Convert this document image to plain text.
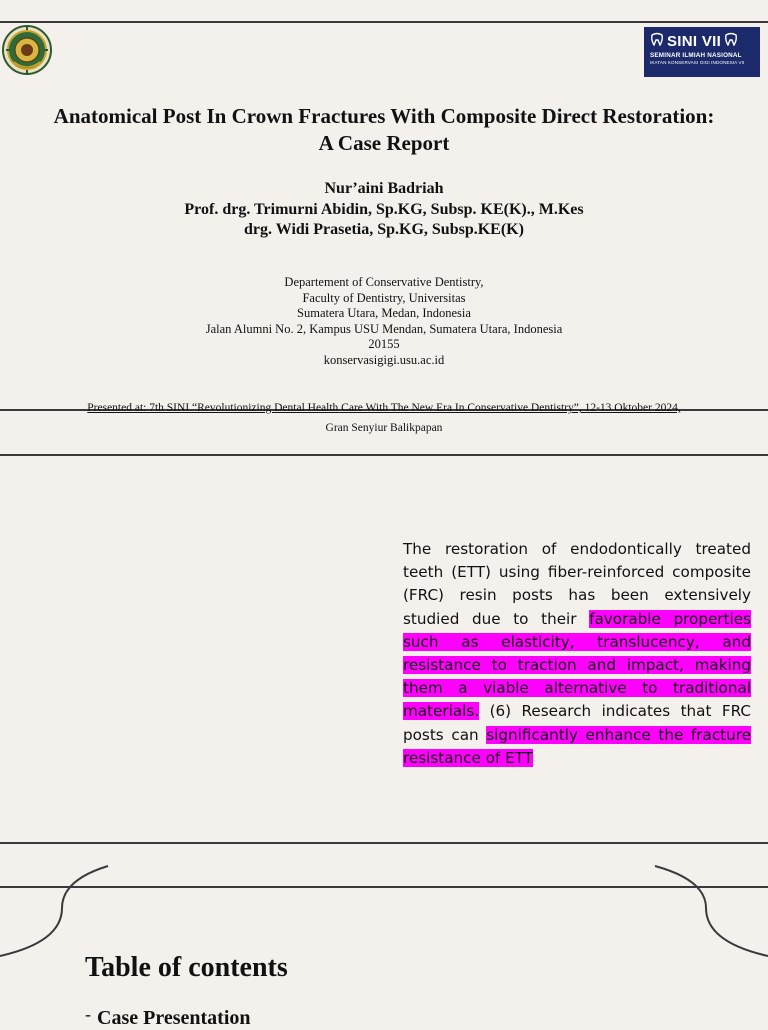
SINI VII
SEMINAR ILMIAH NASIONAL
IKATAN KONSERVASI GIGI INDONESIA VII
Anatomical Post In Crown Fractures With Composite Direct Restoration:
A Case Report
Nur’aini Badriah
Prof. drg. Trimurni Abidin, Sp.KG, Subsp. KE(K)., M.Kes
drg. Widi Prasetia, Sp.KG, Subsp.KE(K)
Departement of Conservative Dentistry,
Faculty of Dentistry, Universitas
Sumatera Utara, Medan, Indonesia
Jalan Alumni No. 2, Kampus USU Mendan, Sumatera Utara, Indonesia
20155
konservasigigi.usu.ac.id
Presented at: 7th SINI “Revolutionizing Dental Health Care With The New Era In Conservative Dentistry”, 12-13 Oktober 2024,
Gran Senyiur Balikpapan
The restoration of endodontically treated teeth (ETT) using fiber-reinforced composite (FRC) resin posts has been extensively studied due to their favorable properties such as elasticity, translucency, and resistance to traction and impact, making them a viable alternative to traditional materials. (6) Research indicates that FRC posts can significantly enhance the fracture resistance of ETT
Table of contents
- Case Presentation
